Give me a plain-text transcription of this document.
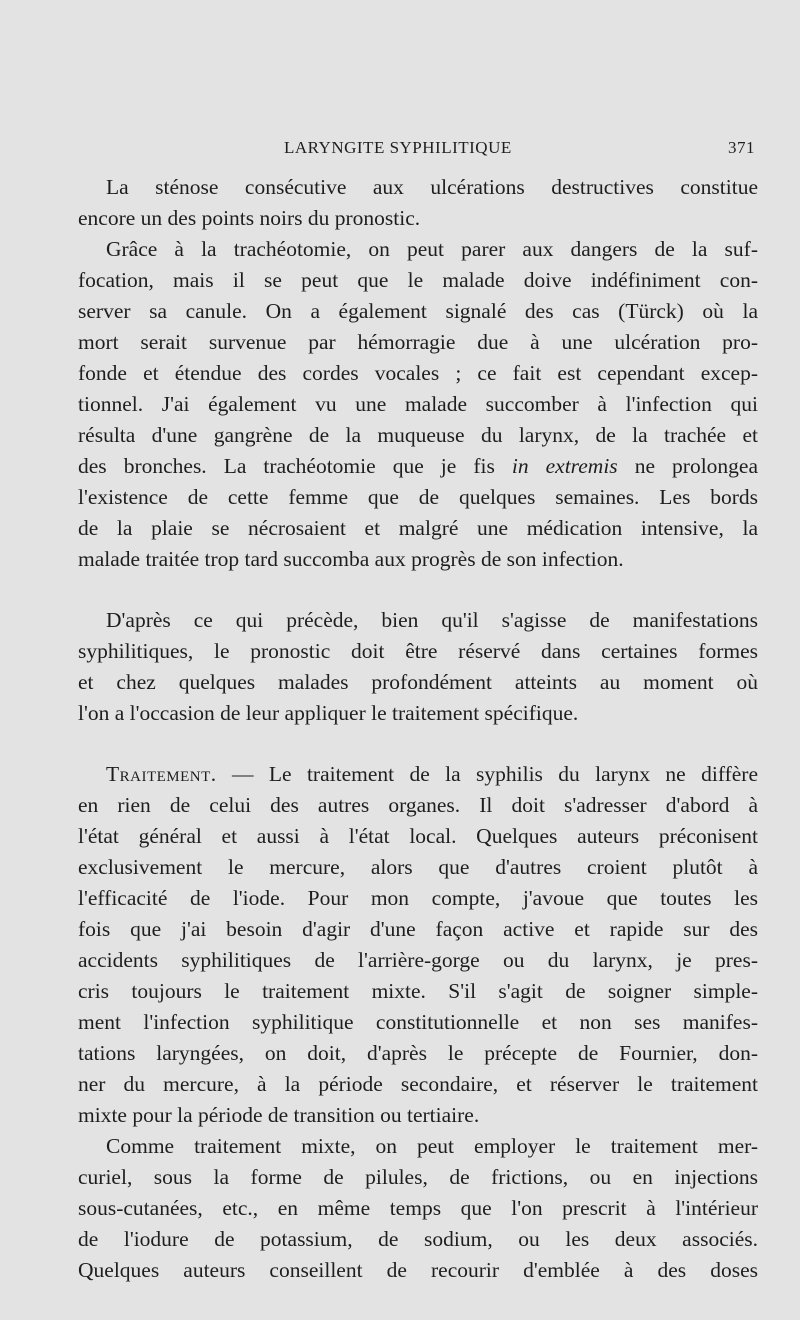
LARYNGITE SYPHILITIQUE	371
La sténose consécutive aux ulcérations destructives constitue
encore un des points noirs du pronostic.
Grâce à la trachéotomie, on peut parer aux dangers de la suf-
focation, mais il se peut que le malade doive indéfiniment con-
server sa canule. On a également signalé des cas (Türck) où la
mort serait survenue par hémorragie due à une ulcération pro-
fonde et étendue des cordes vocales ; ce fait est cependant excep-
tionnel. J'ai également vu une malade succomber à l'infection qui
résulta d'une gangrène de la muqueuse du larynx, de la trachée et
des bronches. La trachéotomie que je fis in extremis ne prolongea
l'existence de cette femme que de quelques semaines. Les bords
de la plaie se nécrosaient et malgré une médication intensive, la
malade traitée trop tard succomba aux progrès de son infection.
D'après ce qui précède, bien qu'il s'agisse de manifestations
syphilitiques, le pronostic doit être réservé dans certaines formes
et chez quelques malades profondément atteints au moment où
l'on a l'occasion de leur appliquer le traitement spécifique.
Traitement. — Le traitement de la syphilis du larynx ne diffère
en rien de celui des autres organes. Il doit s'adresser d'abord à
l'état général et aussi à l'état local. Quelques auteurs préconisent
exclusivement le mercure, alors que d'autres croient plutôt à
l'efficacité de l'iode. Pour mon compte, j'avoue que toutes les
fois que j'ai besoin d'agir d'une façon active et rapide sur des
accidents syphilitiques de l'arrière-gorge ou du larynx, je pres-
cris toujours le traitement mixte. S'il s'agit de soigner simple-
ment l'infection syphilitique constitutionnelle et non ses manifes-
tations laryngées, on doit, d'après le précepte de Fournier, don-
ner du mercure, à la période secondaire, et réserver le traitement
mixte pour la période de transition ou tertiaire.
Comme traitement mixte, on peut employer le traitement mer-
curiel, sous la forme de pilules, de frictions, ou en injections
sous-cutanées, etc., en même temps que l'on prescrit à l'intérieur
de l'iodure de potassium, de sodium, ou les deux associés.
Quelques auteurs conseillent de recourir d'emblée à des doses
